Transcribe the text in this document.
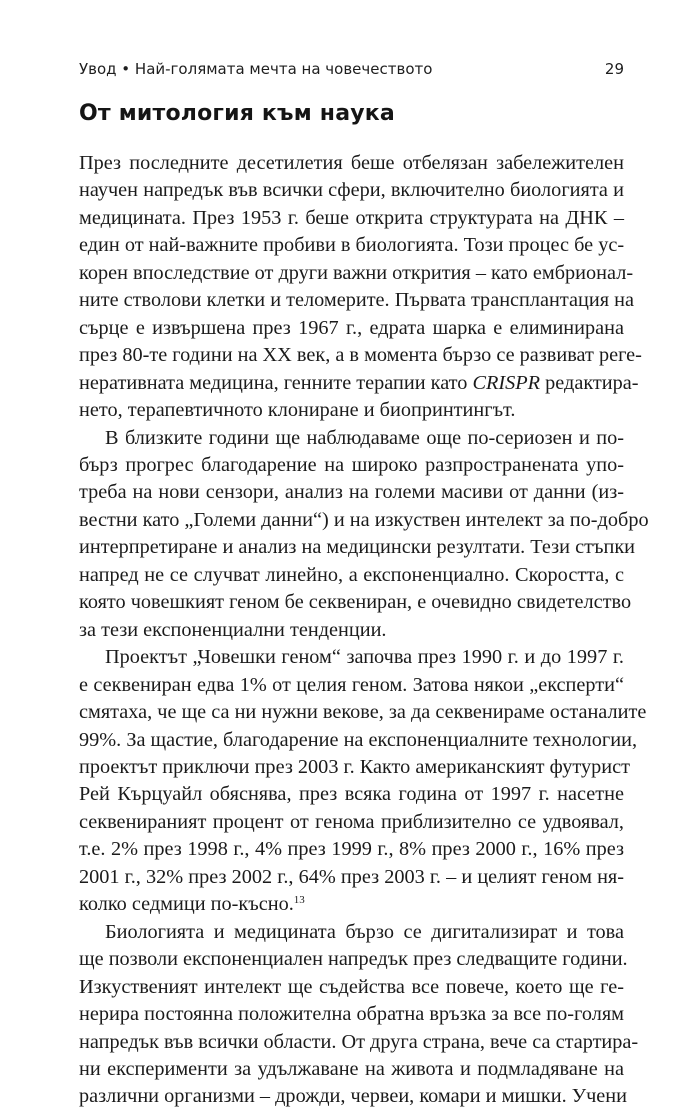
Увод • Най-голямата мечта на човечеството	29
От митология към наука
През последните десетилетия беше отбелязан забележителен
научен напредък във всички сфери, включително биологията и
медицината. През 1953 г. беше открита структурата на ДНК –
един от най-важните пробиви в биологията. Този процес бе ус-
корен впоследствие от други важни открития – като ембрионал-
ните стволови клетки и теломерите. Първата трансплантация на
сърце е извършена през 1967 г., едрата шарка е елиминирана
през 80-те години на XX век, а в момента бързо се развиват реге-
неративната медицина, генните терапии като CRISPR редактира-
нето, терапевтичното клониране и биопринтингът.
В близките години ще наблюдаваме още по-сериозен и по-
бърз прогрес благодарение на широко разпространената упо-
треба на нови сензори, анализ на големи масиви от данни (из-
вестни като „Големи данни“) и на изкуствен интелект за по-добро
интерпретиране и анализ на медицински резултати. Тези стъпки
напред не се случват линейно, а експоненциално. Скоростта, с
която човешкият геном бе секвениран, е очевидно свидетелство
за тези експоненциални тенденции.
Проектът „Човешки геном“ започва през 1990 г. и до 1997 г.
е секвениран едва 1% от целия геном. Затова някои „експерти“
смятаха, че ще са ни нужни векове, за да секвенираме останалите
99%. За щастие, благодарение на експоненциалните технологии,
проектът приключи през 2003 г. Както американският футурист
Рей Кърцуайл обяснява, през всяка година от 1997 г. насетне
секвенираният процент от генома приблизително се удвоявал,
т.е. 2% през 1998 г., 4% през 1999 г., 8% през 2000 г., 16% през
2001 г., 32% през 2002 г., 64% през 2003 г. – и целият геном ня-
колко седмици по-късно.$^{13}$
Биологията и медицината бързо се дигитализират и това
ще позволи експоненциален напредък през следващите години.
Изкуственият интелект ще съдейства все повече, което ще ге-
нерира постоянна положителна обратна връзка за все по-голям
напредък във всички области. От друга страна, вече са стартира-
ни експерименти за удължаване на живота и подмладяване на
различни организми – дрожди, червеи, комари и мишки. Учени
